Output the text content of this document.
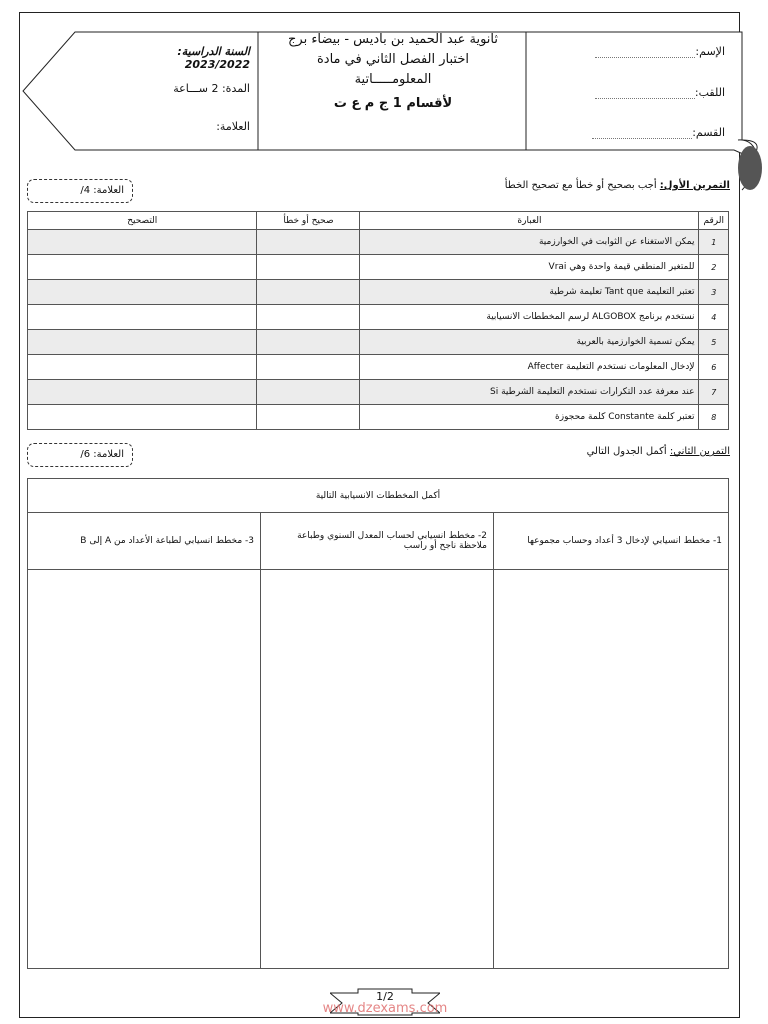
السنة الدراسية: 2023/2022
المدة: 2 ســـاعة
العلامة:
ثانوية عبد الحميد بن باديس - بيضاء برج
اختبار الفصل الثاني في مادة
المعلومـــــاتية
لأقسام 1 ج م ع ت
الإسم:
اللقب:
القسم:
العلامة: 4/	التمرين الأول: أجب بصحيح أو خطأ مع تصحيح الخطأ
الرقم	العبارة	صحيح أو خطأ	التصحيح
1	يمكن الاستغناء عن الثوابت في الخوارزمية		
2	للمتغير المنطقي قيمة واحدة وهي Vrai		
3	تعتبر التعليمة Tant que تعليمة شرطية		
4	نستخدم برنامج ALGOBOX لرسم المخططات الانسيابية		
5	يمكن تسمية الخوارزمية بالعربية		
6	لإدخال المعلومات نستخدم التعليمة Affecter		
7	عند معرفة عدد التكرارات نستخدم التعليمة الشرطية Si		
8	تعتبر كلمة Constante كلمة محجوزة		
العلامة: 6/	التمرين الثاني: أكمل الجدول التالي
أكمل المخططات الانسيابية التالية		
1- مخطط انسيابي لإدخال 3 أعداد وحساب مجموعها	2- مخطط انسيابي لحساب المعدل السنوي وطباعة ملاحظة ناجح أو راسب	3- مخطط انسيابي لطباعة الأعداد من A إلى B

1/2
www.dzexams.com
